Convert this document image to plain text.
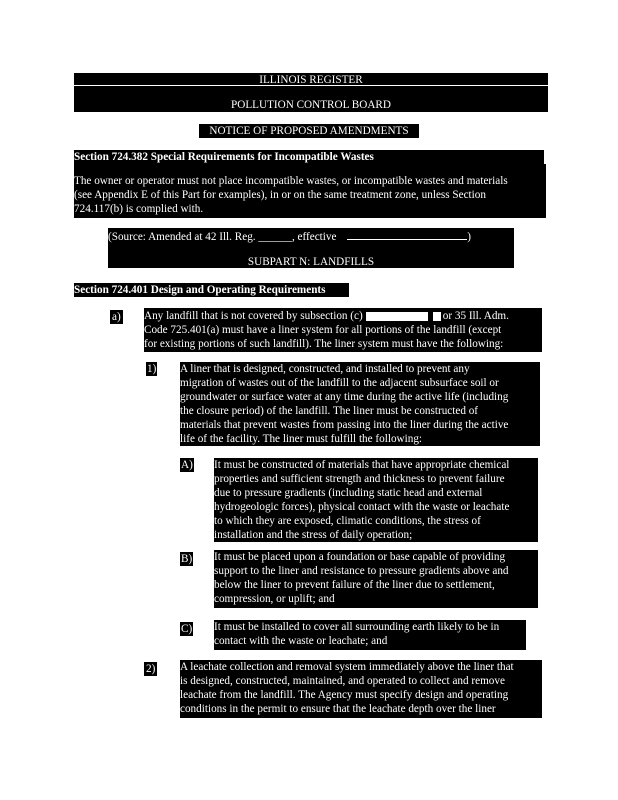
ILLINOIS REGISTER
POLLUTION CONTROL BOARD
NOTICE OF PROPOSED AMENDMENTS
Section 724.382 Special Requirements for Incompatible Wastes
The owner or operator must not place incompatible wastes, or incompatible wastes and materials
(see Appendix E of this Part for examples), in or on the same treatment zone, unless Section
724.117(b) is complied with.
(Source: Amended at 42 Ill. Reg. ______, effective	)
SUBPART N: LANDFILLS
Section 724.401 Design and Operating Requirements
a) Any landfill that is not covered by subsection (c)	or 35 Ill. Adm.
Code 725.401(a) must have a liner system for all portions of the landfill (except
for existing portions of such landfill). The liner system must have the following:
1) A liner that is designed, constructed, and installed to prevent any
migration of wastes out of the landfill to the adjacent subsurface soil or
groundwater or surface water at any time during the active life (including
the closure period) of the landfill. The liner must be constructed of
materials that prevent wastes from passing into the liner during the active
life of the facility. The liner must fulfill the following:
A) It must be constructed of materials that have appropriate chemical
properties and sufficient strength and thickness to prevent failure
due to pressure gradients (including static head and external
hydrogeologic forces), physical contact with the waste or leachate
to which they are exposed, climatic conditions, the stress of
installation and the stress of daily operation;
B) It must be placed upon a foundation or base capable of providing
support to the liner and resistance to pressure gradients above and
below the liner to prevent failure of the liner due to settlement,
compression, or uplift; and
C) It must be installed to cover all surrounding earth likely to be in
contact with the waste or leachate; and
2) A leachate collection and removal system immediately above the liner that
is designed, constructed, maintained, and operated to collect and remove
leachate from the landfill. The Agency must specify design and operating
conditions in the permit to ensure that the leachate depth over the liner
